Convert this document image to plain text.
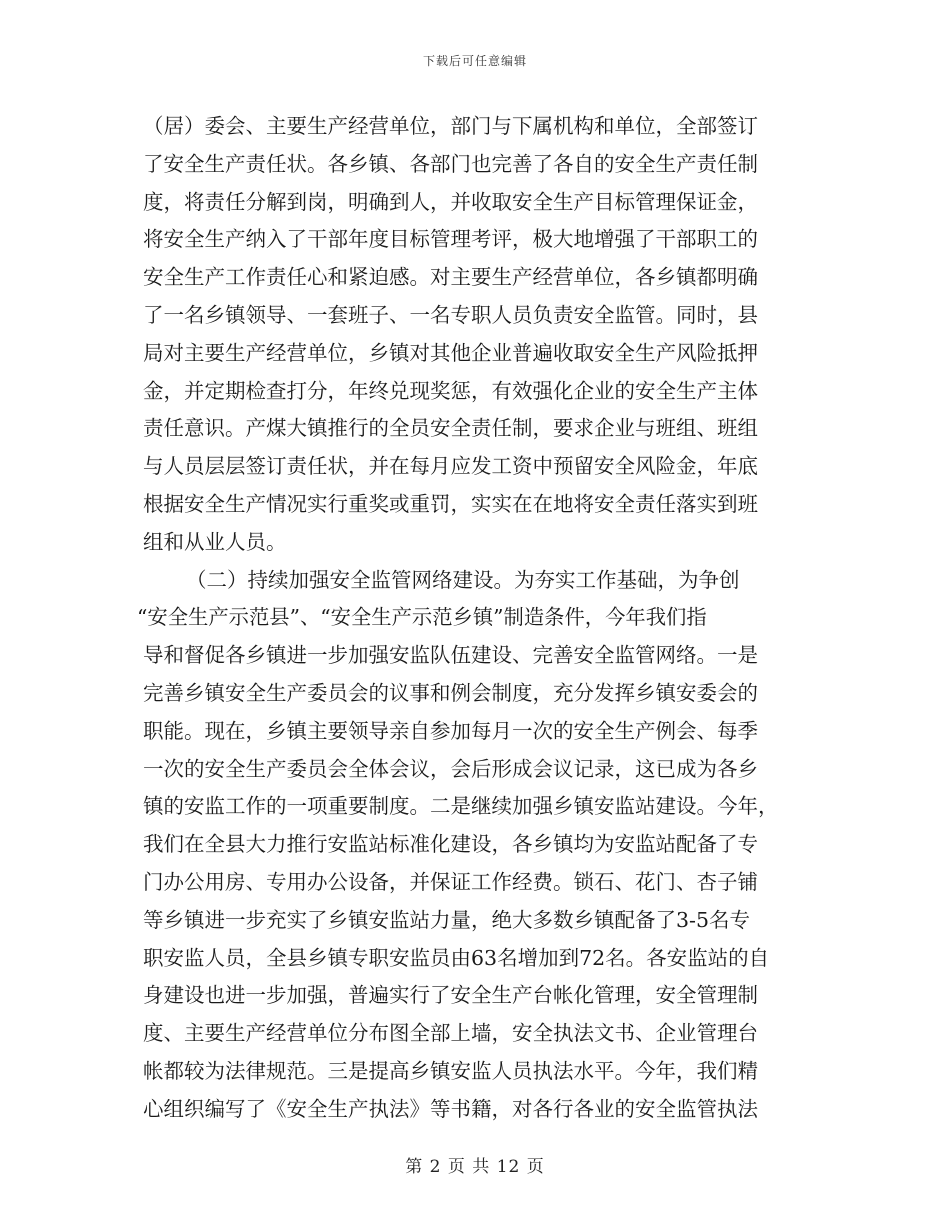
下载后可任意编辑
（居）委会、主要生产经营单位，部门与下属机构和单位，全部签订
了安全生产责任状。各乡镇、各部门也完善了各自的安全生产责任制
度，将责任分解到岗，明确到人，并收取安全生产目标管理保证金，
将安全生产纳入了干部年度目标管理考评，极大地增强了干部职工的
安全生产工作责任心和紧迫感。对主要生产经营单位，各乡镇都明确
了一名乡镇领导、一套班子、一名专职人员负责安全监管。同时，县
局对主要生产经营单位，乡镇对其他企业普遍收取安全生产风险抵押
金，并定期检查打分，年终兑现奖惩，有效强化企业的安全生产主体
责任意识。产煤大镇推行的全员安全责任制，要求企业与班组、班组
与人员层层签订责任状，并在每月应发工资中预留安全风险金，年底
根据安全生产情况实行重奖或重罚，实实在在地将安全责任落实到班
组和从业人员。
（二）持续加强安全监管网络建设。为夯实工作基础，为争创
“安全生产示范县”、“安全生产示范乡镇”制造条件，今年我们指
导和督促各乡镇进一步加强安监队伍建设、完善安全监管网络。一是
完善乡镇安全生产委员会的议事和例会制度，充分发挥乡镇安委会的
职能。现在，乡镇主要领导亲自参加每月一次的安全生产例会、每季
一次的安全生产委员会全体会议，会后形成会议记录，这已成为各乡
镇的安监工作的一项重要制度。二是继续加强乡镇安监站建设。今年，
我们在全县大力推行安监站标准化建设，各乡镇均为安监站配备了专
门办公用房、专用办公设备，并保证工作经费。锁石、花门、杏子铺
等乡镇进一步充实了乡镇安监站力量，绝大多数乡镇配备了3-5名专
职安监人员，全县乡镇专职安监员由63名增加到72名。各安监站的自
身建设也进一步加强，普遍实行了安全生产台帐化管理，安全管理制
度、主要生产经营单位分布图全部上墙，安全执法文书、企业管理台
帐都较为法律规范。三是提高乡镇安监人员执法水平。今年，我们精
心组织编写了《安全生产执法》等书籍，对各行各业的安全监管执法
第 2 页 共 12 页
